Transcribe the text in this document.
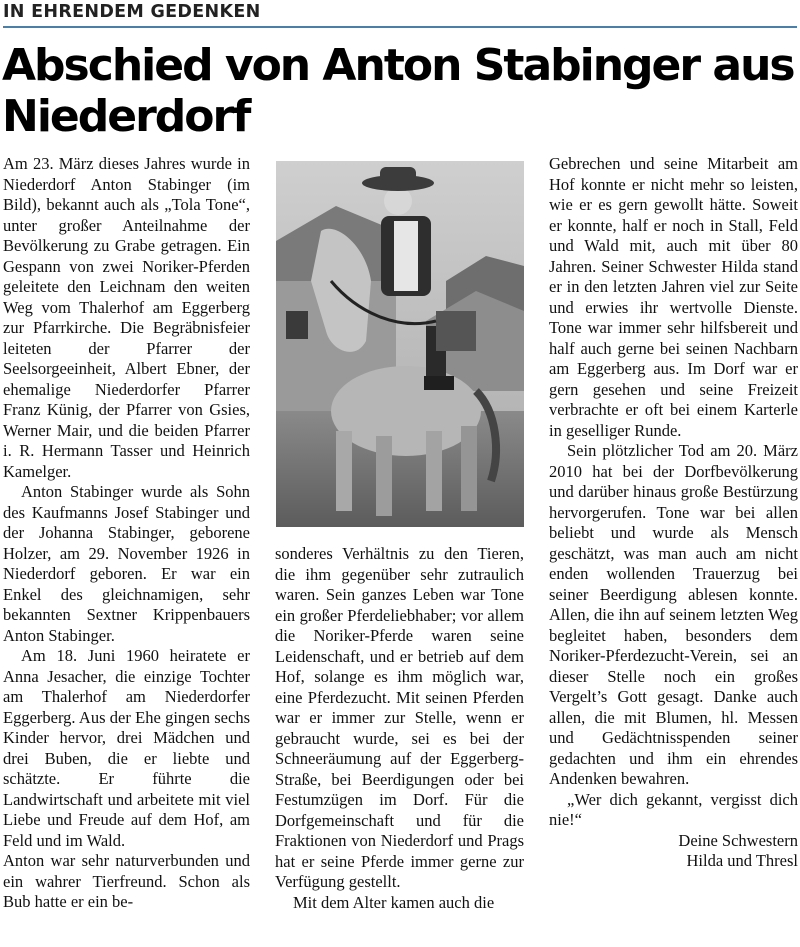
IN EHRENDEM GEDENKEN
Abschied von Anton Stabinger aus Niederdorf

Am 23. März dieses Jahres wurde in Niederdorf Anton Stabinger (im Bild), bekannt auch als „Tola Tone“, unter großer Anteilnahme der Bevölkerung zu Grabe getragen. Ein Gespann von zwei Noriker-Pferden geleitete den Leichnam den weiten Weg vom Thalerhof am Eggerberg zur Pfarrkirche. Die Begräbnisfeier leiteten der Pfarrer der Seelsorgeeinheit, Albert Ebner, der ehemalige Niederdorfer Pfarrer Franz Künig, der Pfarrer von Gsies, Werner Mair, und die beiden Pfarrer i. R. Hermann Tasser und Heinrich Kamelger.

Anton Stabinger wurde als Sohn des Kaufmanns Josef Stabinger und der Johanna Stabinger, geborene Holzer, am 29. November 1926 in Niederdorf geboren. Er war ein Enkel des gleichnamigen, sehr bekannten Sextner Krippenbauers Anton Stabinger.

Am 18. Juni 1960 heiratete er Anna Jesacher, die einzige Tochter am Thalerhof am Niederdorfer Eggerberg. Aus der Ehe gingen sechs Kinder hervor, drei Mädchen und drei Buben, die er liebte und schätzte. Er führte die Landwirtschaft und arbeitete mit viel Liebe und Freude auf dem Hof, am Feld und im Wald.

Anton war sehr naturverbunden und ein wahrer Tierfreund. Schon als Bub hatte er ein be-

sonderes Verhältnis zu den Tieren, die ihm gegenüber sehr zutraulich waren. Sein ganzes Leben war Tone ein großer Pferdeliebhaber; vor allem die Noriker-Pferde waren seine Leidenschaft, und er betrieb auf dem Hof, solange es ihm möglich war, eine Pferdezucht. Mit seinen Pferden war er immer zur Stelle, wenn er gebraucht wurde, sei es bei der Schneeräumung auf der Eggerberg-Straße, bei Beerdigungen oder bei Festumzügen im Dorf. Für die Dorfgemeinschaft und für die Fraktionen von Niederdorf und Prags hat er seine Pferde immer gerne zur Verfügung gestellt.

Mit dem Alter kamen auch die

Gebrechen und seine Mitarbeit am Hof konnte er nicht mehr so leisten, wie er es gern gewollt hätte. Soweit er konnte, half er noch in Stall, Feld und Wald mit, auch mit über 80 Jahren. Seiner Schwester Hilda stand er in den letzten Jahren viel zur Seite und erwies ihr wertvolle Dienste. Tone war immer sehr hilfsbereit und half auch gerne bei seinen Nachbarn am Eggerberg aus. Im Dorf war er gern gesehen und seine Freizeit verbrachte er oft bei einem Karterle in geselliger Runde.

Sein plötzlicher Tod am 20. März 2010 hat bei der Dorfbevölkerung und darüber hinaus große Bestürzung hervorgerufen. Tone war bei allen beliebt und wurde als Mensch geschätzt, was man auch am nicht enden wollenden Trauerzug bei seiner Beerdigung ablesen konnte. Allen, die ihn auf seinem letzten Weg begleitet haben, besonders dem Noriker-Pferdezucht-Verein, sei an dieser Stelle noch ein großes Vergelt’s Gott gesagt. Danke auch allen, die mit Blumen, hl. Messen und Gedächtnisspenden seiner gedachten und ihm ein ehrendes Andenken bewahren.

„Wer dich gekannt, vergisst dich nie!“

Deine Schwestern

Hilda und Thresl
